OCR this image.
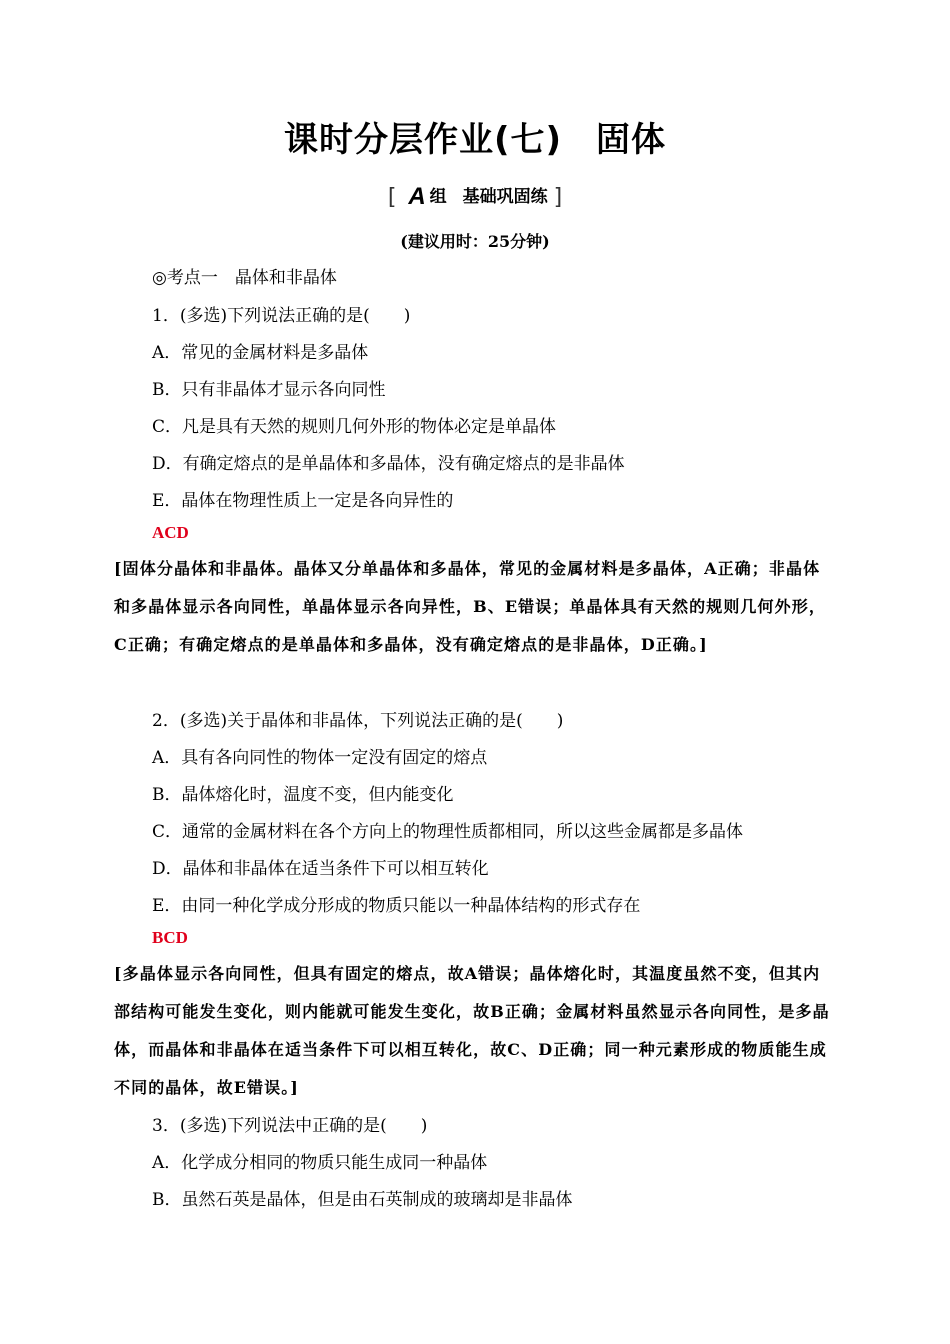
课时分层作业(七) 固体
[ A 组 基础巩固练 ]
(建议用时：25分钟)
◎考点一　晶体和非晶体
1．(多选)下列说法正确的是(　　)
A．常见的金属材料是多晶体
B．只有非晶体才显示各向同性
C．凡是具有天然的规则几何外形的物体必定是单晶体
D．有确定熔点的是单晶体和多晶体，没有确定熔点的是非晶体
E．晶体在物理性质上一定是各向异性的
ACD
[固体分晶体和非晶体。晶体又分单晶体和多晶体，常见的金属材料是多晶体，A正确；非晶体和多晶体显示各向同性，单晶体显示各向异性，B、E错误；单晶体具有天然的规则几何外形，C正确；有确定熔点的是单晶体和多晶体，没有确定熔点的是非晶体，D正确。]
2．(多选)关于晶体和非晶体，下列说法正确的是(　　)
A．具有各向同性的物体一定没有固定的熔点
B．晶体熔化时，温度不变，但内能变化
C．通常的金属材料在各个方向上的物理性质都相同，所以这些金属都是多晶体
D．晶体和非晶体在适当条件下可以相互转化
E．由同一种化学成分形成的物质只能以一种晶体结构的形式存在
BCD
[多晶体显示各向同性，但具有固定的熔点，故A错误；晶体熔化时，其温度虽然不变，但其内部结构可能发生变化，则内能就可能发生变化，故B正确；金属材料虽然显示各向同性，是多晶体，而晶体和非晶体在适当条件下可以相互转化，故C、D正确；同一种元素形成的物质能生成不同的晶体，故E错误。]
3．(多选)下列说法中正确的是(　　)
A．化学成分相同的物质只能生成同一种晶体
B．虽然石英是晶体，但是由石英制成的玻璃却是非晶体
